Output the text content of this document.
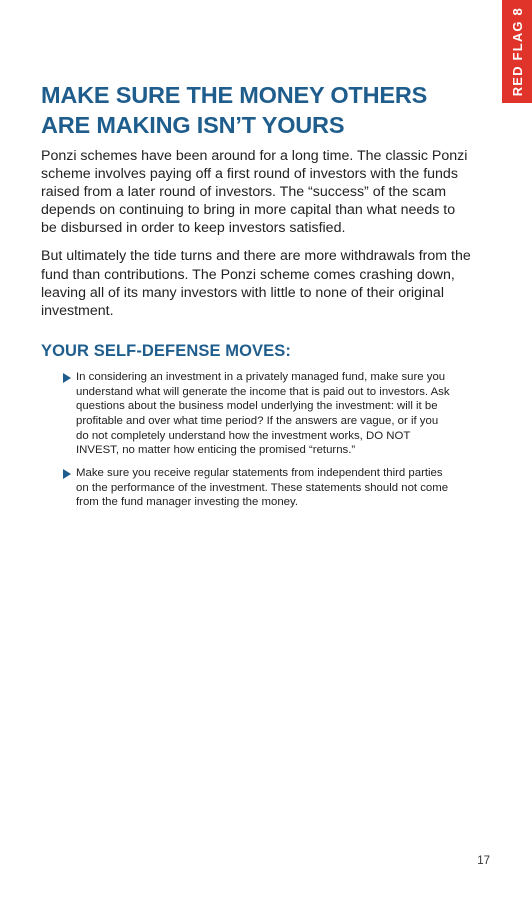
RED FLAG 8
MAKE SURE THE MONEY OTHERS
ARE MAKING ISN’T YOURS

Ponzi schemes have been around for a long time. The classic Ponzi scheme involves paying off a first round of investors with the funds raised from a later round of investors. The “success” of the scam depends on continuing to bring in more capital than what needs to be disbursed in order to keep investors satisfied.

But ultimately the tide turns and there are more withdrawals from the fund than contributions. The Ponzi scheme comes crashing down, leaving all of its many investors with little to none of their original investment.

YOUR SELF-DEFENSE MOVES:
In considering an investment in a privately managed fund, make sure you understand what will generate the income that is paid out to investors. Ask questions about the business model underlying the investment: will it be profitable and over what time period? If the answers are vague, or if you do not completely understand how the investment works, DO NOT INVEST, no matter how enticing the promised “returns.”
Make sure you receive regular statements from independent third parties on the performance of the investment. These statements should not come from the fund manager investing the money.
17
